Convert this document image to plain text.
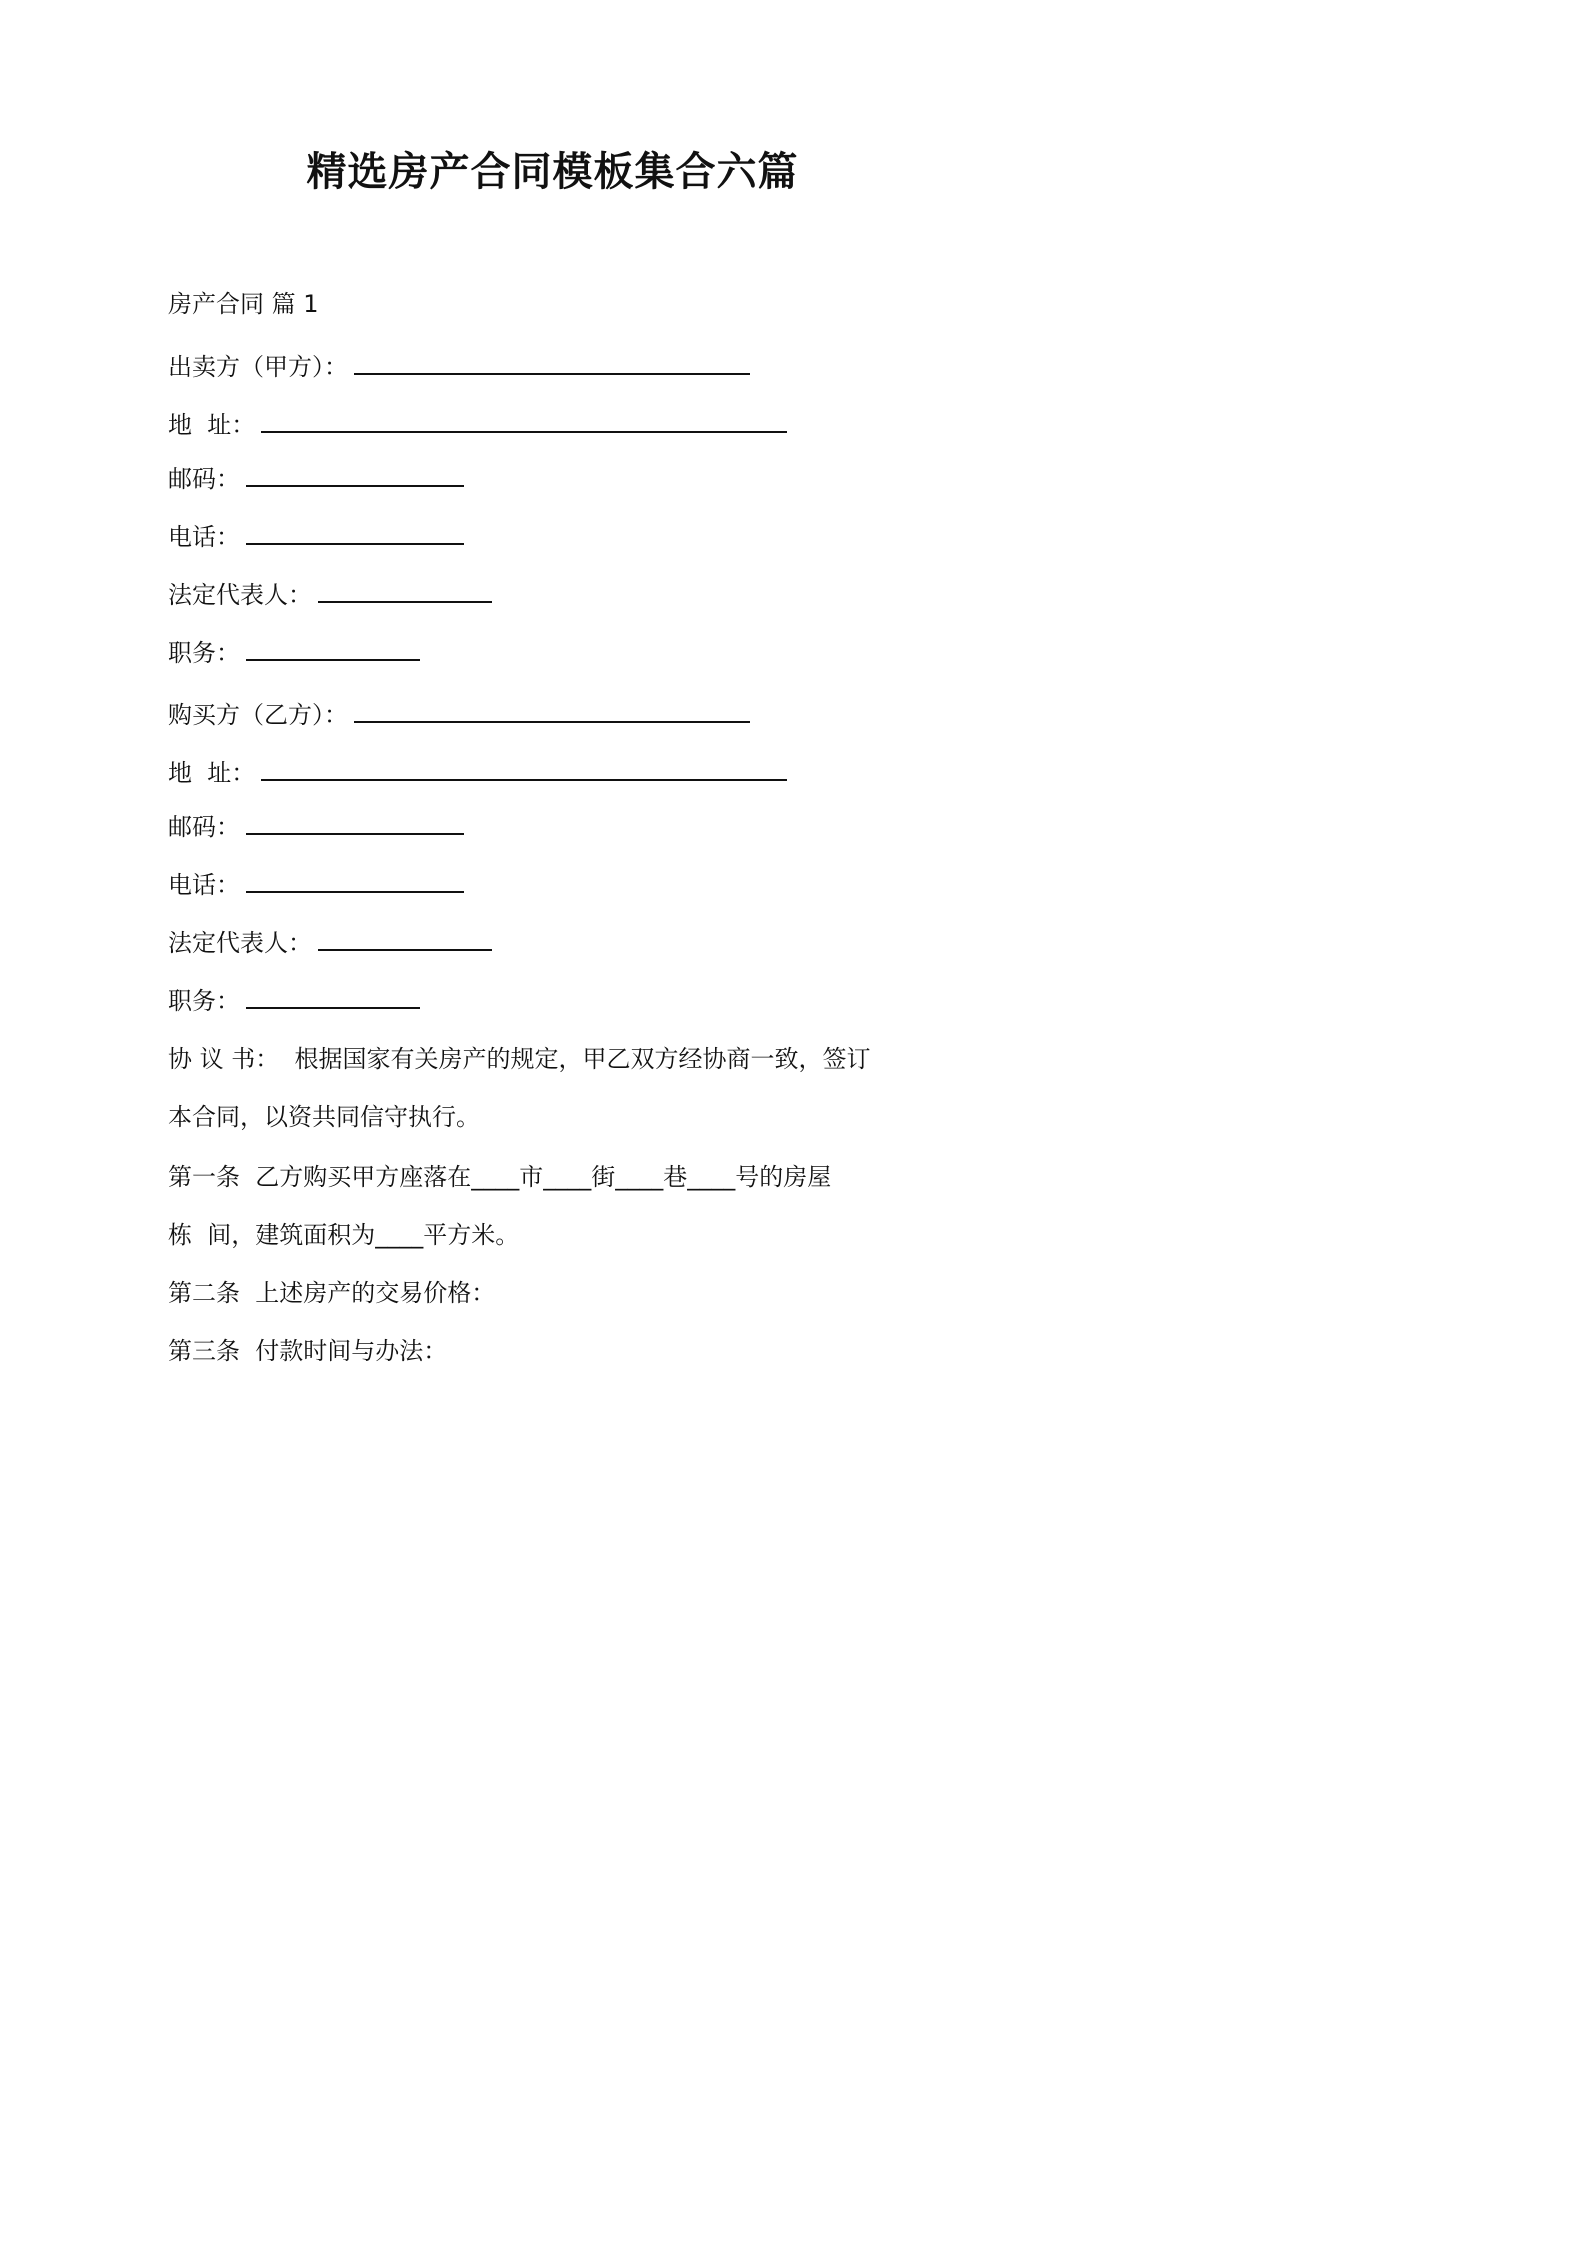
精选房产合同模板集合六篇
房产合同 篇 1
出卖方（甲方）：
地  址：
邮码：
电话：
法定代表人：
职务：
购买方（乙方）：
地  址：
邮码：
电话：
法定代表人：
职务：
协 议 书：  根据国家有关房产的规定，甲乙双方经协商一致，签订
本合同，以资共同信守执行。
第一条  乙方购买甲方座落在____市____街____巷____号的房屋
栋  间，建筑面积为____平方米。
第二条  上述房产的交易价格：
第三条  付款时间与办法：
